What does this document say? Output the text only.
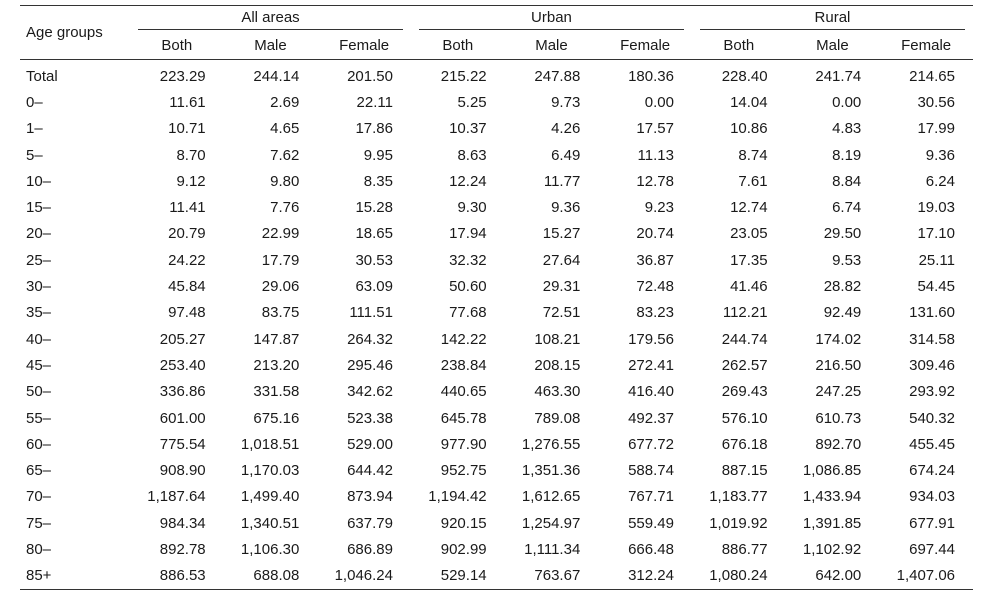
Age groups	All areas			Urban			Rural		

	Both	Male	Female	Both	Male	Female	Both	Male	Female
Total	223.29	244.14	201.50	215.22	247.88	180.36	228.40	241.74	214.65
0–	11.61	2.69	22.11	5.25	9.73	0.00	14.04	0.00	30.56
1–	10.71	4.65	17.86	10.37	4.26	17.57	10.86	4.83	17.99
5–	8.70	7.62	9.95	8.63	6.49	11.13	8.74	8.19	9.36
10–	9.12	9.80	8.35	12.24	11.77	12.78	7.61	8.84	6.24
15–	11.41	7.76	15.28	9.30	9.36	9.23	12.74	6.74	19.03
20–	20.79	22.99	18.65	17.94	15.27	20.74	23.05	29.50	17.10
25–	24.22	17.79	30.53	32.32	27.64	36.87	17.35	9.53	25.11
30–	45.84	29.06	63.09	50.60	29.31	72.48	41.46	28.82	54.45
35–	97.48	83.75	111.51	77.68	72.51	83.23	112.21	92.49	131.60
40–	205.27	147.87	264.32	142.22	108.21	179.56	244.74	174.02	314.58
45–	253.40	213.20	295.46	238.84	208.15	272.41	262.57	216.50	309.46
50–	336.86	331.58	342.62	440.65	463.30	416.40	269.43	247.25	293.92
55–	601.00	675.16	523.38	645.78	789.08	492.37	576.10	610.73	540.32
60–	775.54	1,018.51	529.00	977.90	1,276.55	677.72	676.18	892.70	455.45
65–	908.90	1,170.03	644.42	952.75	1,351.36	588.74	887.15	1,086.85	674.24
70–	1,187.64	1,499.40	873.94	1,194.42	1,612.65	767.71	1,183.77	1,433.94	934.03
75–	984.34	1,340.51	637.79	920.15	1,254.97	559.49	1,019.92	1,391.85	677.91
80–	892.78	1,106.30	686.89	902.99	1,111.34	666.48	886.77	1,102.92	697.44
85+	886.53	688.08	1,046.24	529.14	763.67	312.24	1,080.24	642.00	1,407.06
